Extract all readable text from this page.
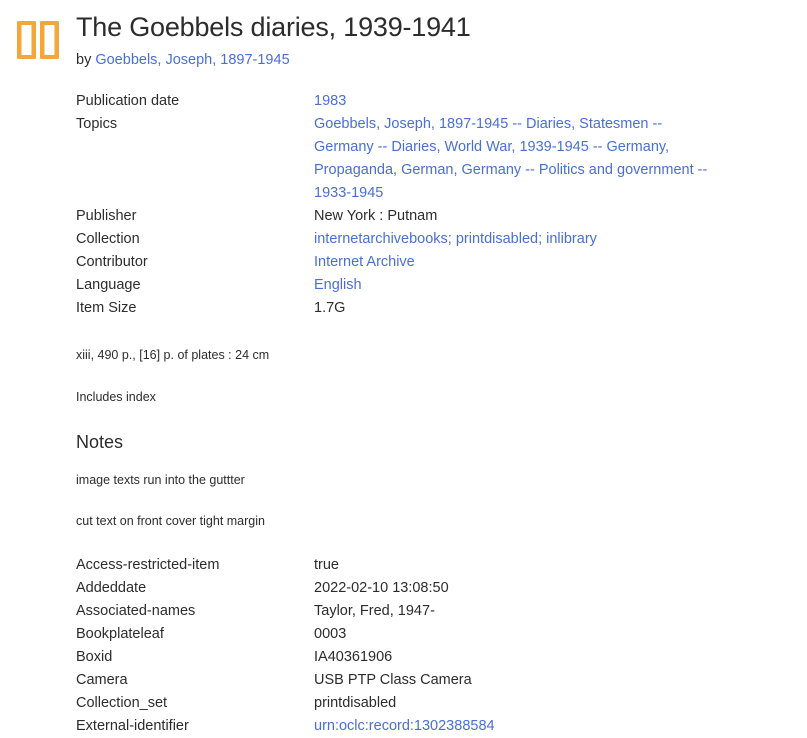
The Goebbels diaries, 1939-1941
by Goebbels, Joseph, 1897-1945
Publication date	1983
Topics	Goebbels, Joseph, 1897-1945 -- Diaries, Statesmen -- Germany -- Diaries, World War, 1939-1945 -- Germany, Propaganda, German, Germany -- Politics and government -- 1933-1945
Publisher	New York : Putnam
Collection	internetarchivebooks; printdisabled; inlibrary
Contributor	Internet Archive
Language	English
Item Size	1.7G
xiii, 490 p., [16] p. of plates : 24 cm
Includes index
Notes
image texts run into the guttter
cut text on front cover tight margin
Access-restricted-item	true
Addeddate	2022-02-10 13:08:50
Associated-names	Taylor, Fred, 1947-
Bookplateleaf	0003
Boxid	IA40361906
Camera	USB PTP Class Camera
Collection_set	printdisabled
External-identifier	urn:oclc:record:1302388584
